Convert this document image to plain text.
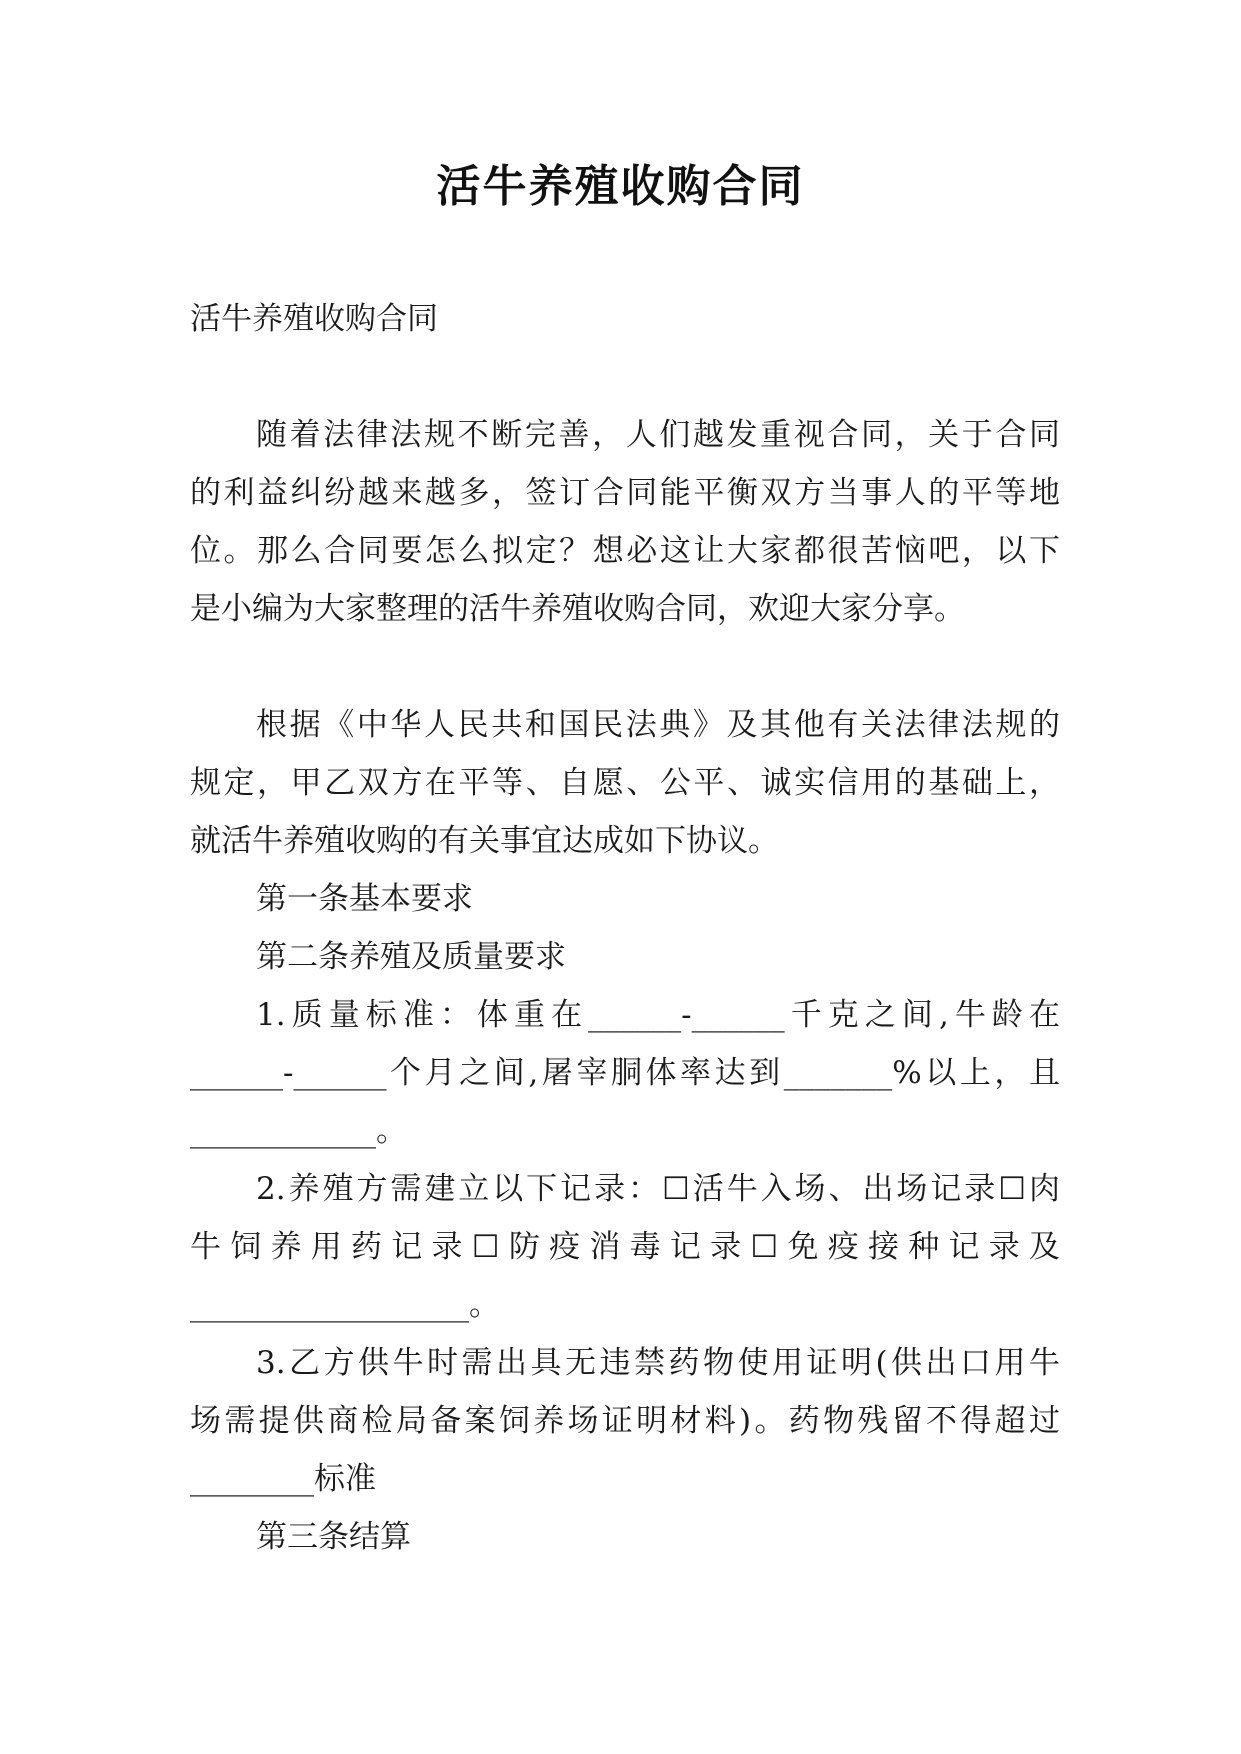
活牛养殖收购合同

活牛养殖收购合同

随着法律法规不断完善，人们越发重视合同，关于合同

的利益纠纷越来越多，签订合同能平衡双方当事人的平等地

位。那么合同要怎么拟定？想必这让大家都很苦恼吧，以下

是小编为大家整理的活牛养殖收购合同，欢迎大家分享。

根据《中华人民共和国民法典》及其他有关法律法规的

规定，甲乙双方在平等、自愿、公平、诚实信用的基础上，

就活牛养殖收购的有关事宜达成如下协议。

第一条基本要求

第二条养殖及质量要求

1.质量标准：体重在______-______千克之间,牛龄在

______-______个月之间,屠宰胴体率达到_______%以上，且

____________。

2.养殖方需建立以下记录：☐活牛入场、出场记录☐肉

牛饲养用药记录☐防疫消毒记录☐免疫接种记录及

__________________。

3.乙方供牛时需出具无违禁药物使用证明(供出口用牛

场需提供商检局备案饲养场证明材料)。药物残留不得超过

________标准

第三条结算
